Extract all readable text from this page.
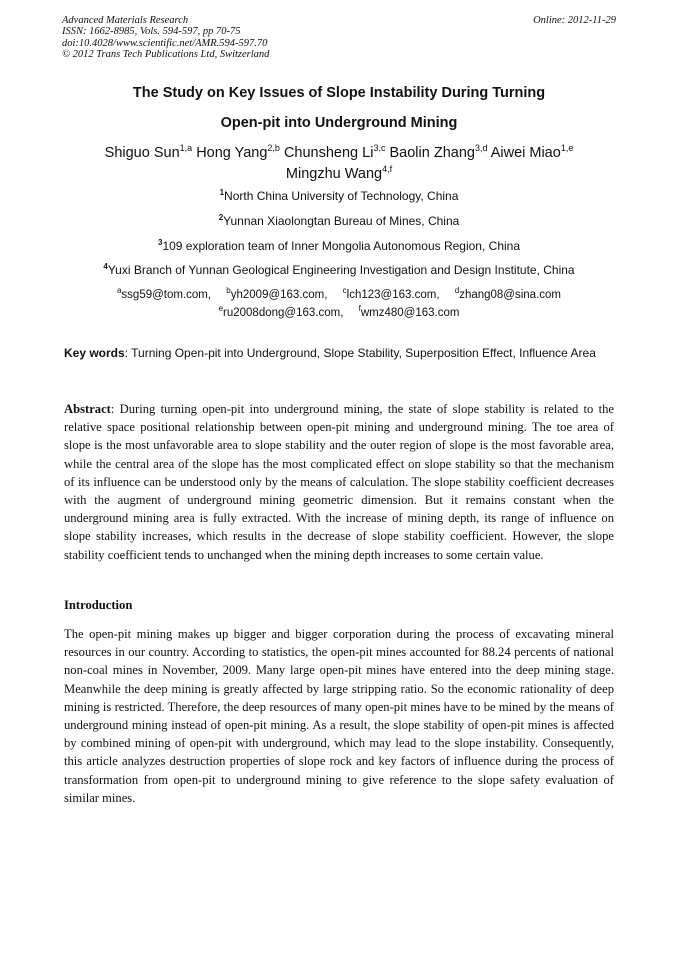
Advanced Materials Research
ISSN: 1662-8985, Vols. 594-597, pp 70-75
doi:10.4028/www.scientific.net/AMR.594-597.70
© 2012 Trans Tech Publications Ltd, Switzerland
Online: 2012-11-29
The Study on Key Issues of Slope Instability During Turning
Open-pit into Underground Mining
Shiguo Sun$^{1,a}$ Hong Yang$^{2,b}$ Chunsheng Li$^{3,c}$ Baolin Zhang$^{3,d}$ Aiwei Miao$^{1,e}$
Mingzhu Wang$^{4,f}$
$^1$North China University of Technology, China
$^2$Yunnan Xiaolongtan Bureau of Mines, China
$^3$109 exploration team of Inner Mongolia Autonomous Region, China
$^4$Yuxi Branch of Yunnan Geological Engineering Investigation and Design Institute, China
$^a$ssg59@tom.com, $^b$yh2009@163.com, $^c$lch123@163.com, $^d$zhang08@sina.com
$^e$ru2008dong@163.com, $^f$wmz480@163.com
Key words: Turning Open-pit into Underground, Slope Stability, Superposition Effect, Influence Area
Abstract: During turning open-pit into underground mining, the state of slope stability is related to the relative space positional relationship between open-pit mining and underground mining. The toe area of slope is the most unfavorable area to slope stability and the outer region of slope is the most favorable area, while the central area of the slope has the most complicated effect on slope stability so that the mechanism of its influence can be understood only by the means of calculation. The slope stability coefficient decreases with the augment of underground mining geometric dimension. But it remains constant when the underground mining area is fully extracted. With the increase of mining depth, its range of influence on slope stability increases, which results in the decrease of slope stability coefficient. However, the slope stability coefficient tends to unchanged when the mining depth increases to some certain value.
Introduction
The open-pit mining makes up bigger and bigger corporation during the process of excavating mineral resources in our country. According to statistics, the open-pit mines accounted for 88.24 percents of national non-coal mines in November, 2009. Many large open-pit mines have entered into the deep mining stage. Meanwhile the deep mining is greatly affected by large stripping ratio. So the economic rationality of deep mining is restricted. Therefore, the deep resources of many open-pit mines have to be mined by the means of underground mining instead of open-pit mining. As a result, the slope stability of open-pit mines is affected by combined mining of open-pit with underground, which may lead to the slope instability. Consequently, this article analyzes destruction properties of slope rock and key factors of influence during the process of transformation from open-pit to underground mining to give reference to the slope safety evaluation of similar mines.
